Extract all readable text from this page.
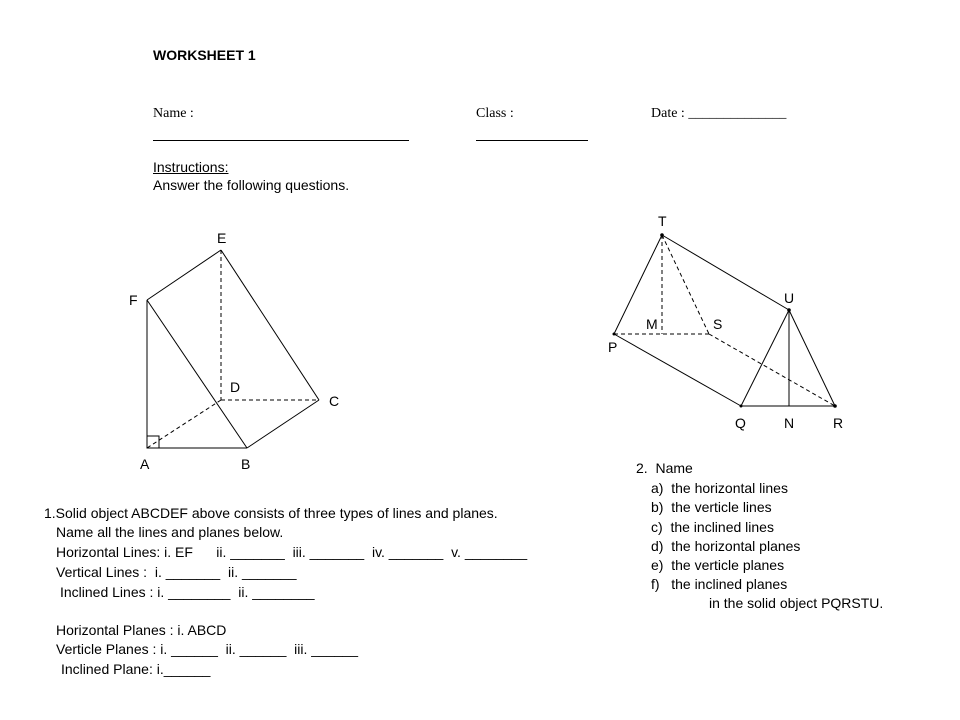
WORKSHEET 1
Name :	Class :	Date : ______________
Instructions:
Answer the following questions.
E
F
D
C
A	B
T
U
M	S
P
Q	N	R
2.  Name
a)  the horizontal lines
b)  the verticle lines
c)  the inclined lines
d)  the horizontal planes
e)  the verticle planes
f)   the inclined planes
in the solid object PQRSTU.
1.Solid object ABCDEF above consists of three types of lines and planes.
Name all the lines and planes below.
Horizontal Lines: i. EF      ii. _______  iii. _______  iv. _______  v. ________
Vertical Lines :  i. _______  ii. _______
Inclined Lines : i. ________  ii. ________
Horizontal Planes : i. ABCD
Verticle Planes : i. ______  ii. ______  iii. ______
Inclined Plane: i.______
